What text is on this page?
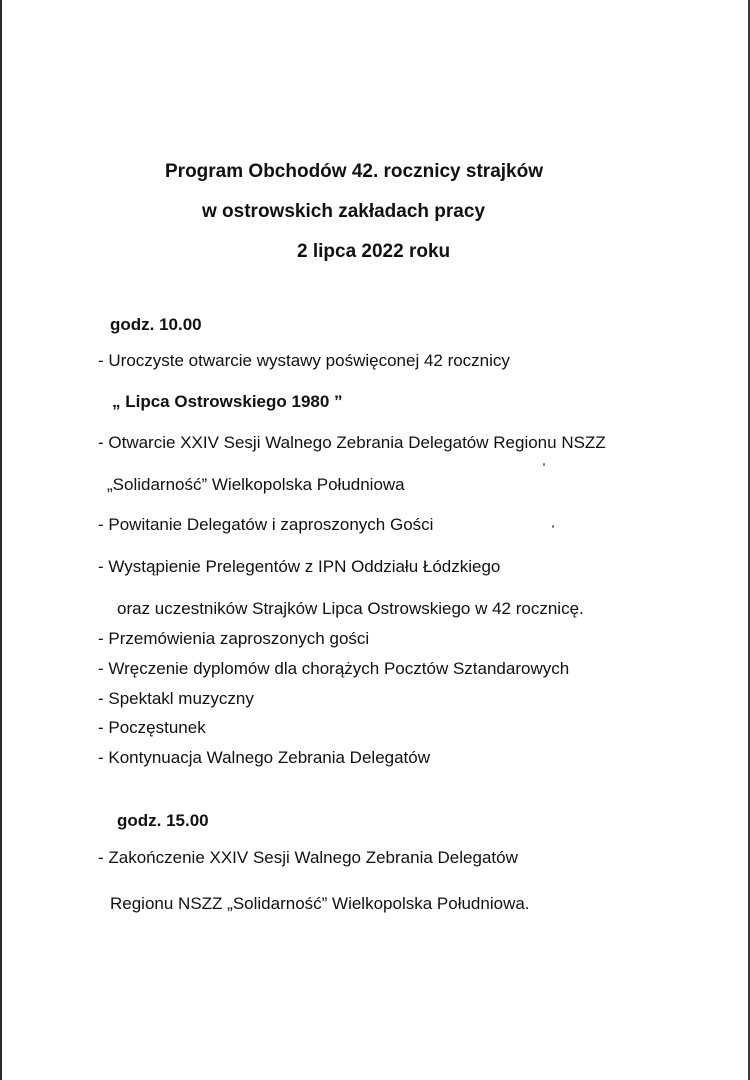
Program Obchodów 42. rocznicy strajków
w ostrowskich zakładach pracy
2 lipca 2022 roku
godz. 10.00
- Uroczyste otwarcie wystawy poświęconej 42 rocznicy
„ Lipca Ostrowskiego 1980 ”
- Otwarcie XXIV Sesji Walnego Zebrania Delegatów Regionu NSZZ
„Solidarność” Wielkopolska Południowa
- Powitanie Delegatów i zaproszonych Gości
- Wystąpienie Prelegentów z IPN Oddziału Łódzkiego
oraz uczestników Strajków Lipca Ostrowskiego w 42 rocznicę.
- Przemówienia zaproszonych gości
- Wręczenie dyplomów dla chorążych Pocztów Sztandarowych
- Spektakl muzyczny
- Poczęstunek
- Kontynuacja Walnego Zebrania Delegatów
godz. 15.00
- Zakończenie XXIV Sesji Walnego Zebrania Delegatów
Regionu NSZZ „Solidarność” Wielkopolska Południowa.
